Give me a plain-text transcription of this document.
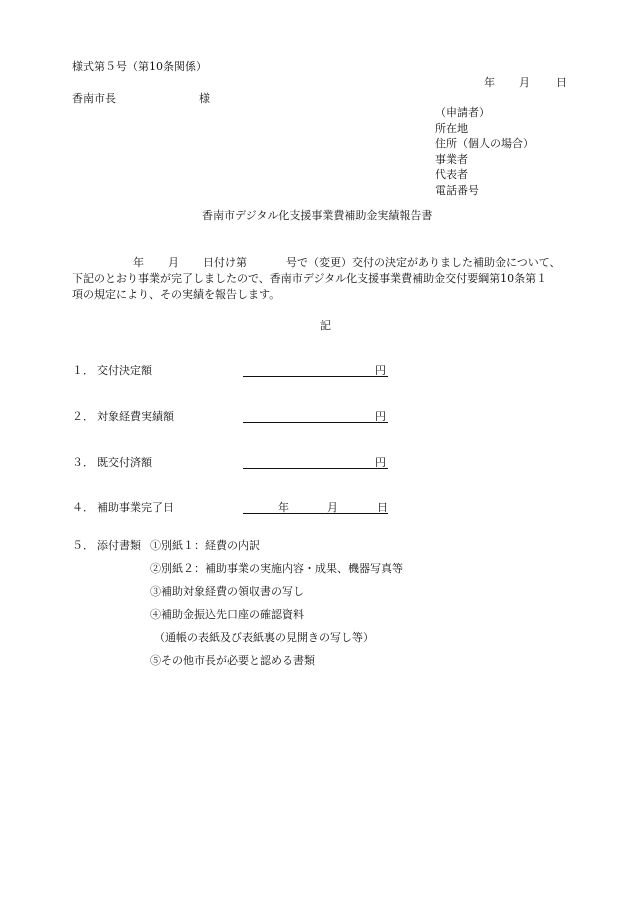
様式第５号（第10条関係）
年 月 日
香南市長	様
（申請者）
所在地
住所（個人の場合）
事業者
代表者
電話番号
香南市デジタル化支援事業費補助金実績報告書
年 月 日付け第	号で（変更）交付の決定がありました補助金について、
下記のとおり事業が完了しましたので、香南市デジタル化支援事業費補助金交付要綱第10条第１
項の規定により、その実績を報告します。
記
１． 交付決定額	円
２． 対象経費実績額	円
３． 既交付済額	円
４． 補助事業完了日	年	月	日
５． 添付書類 ①別紙１：経費の内訳
②別紙２：補助事業の実施内容・成果、機器写真等
③補助対象経費の領収書の写し
④補助金振込先口座の確認資料
（通帳の表紙及び表紙裏の見開きの写し等）
⑤その他市長が必要と認める書類
